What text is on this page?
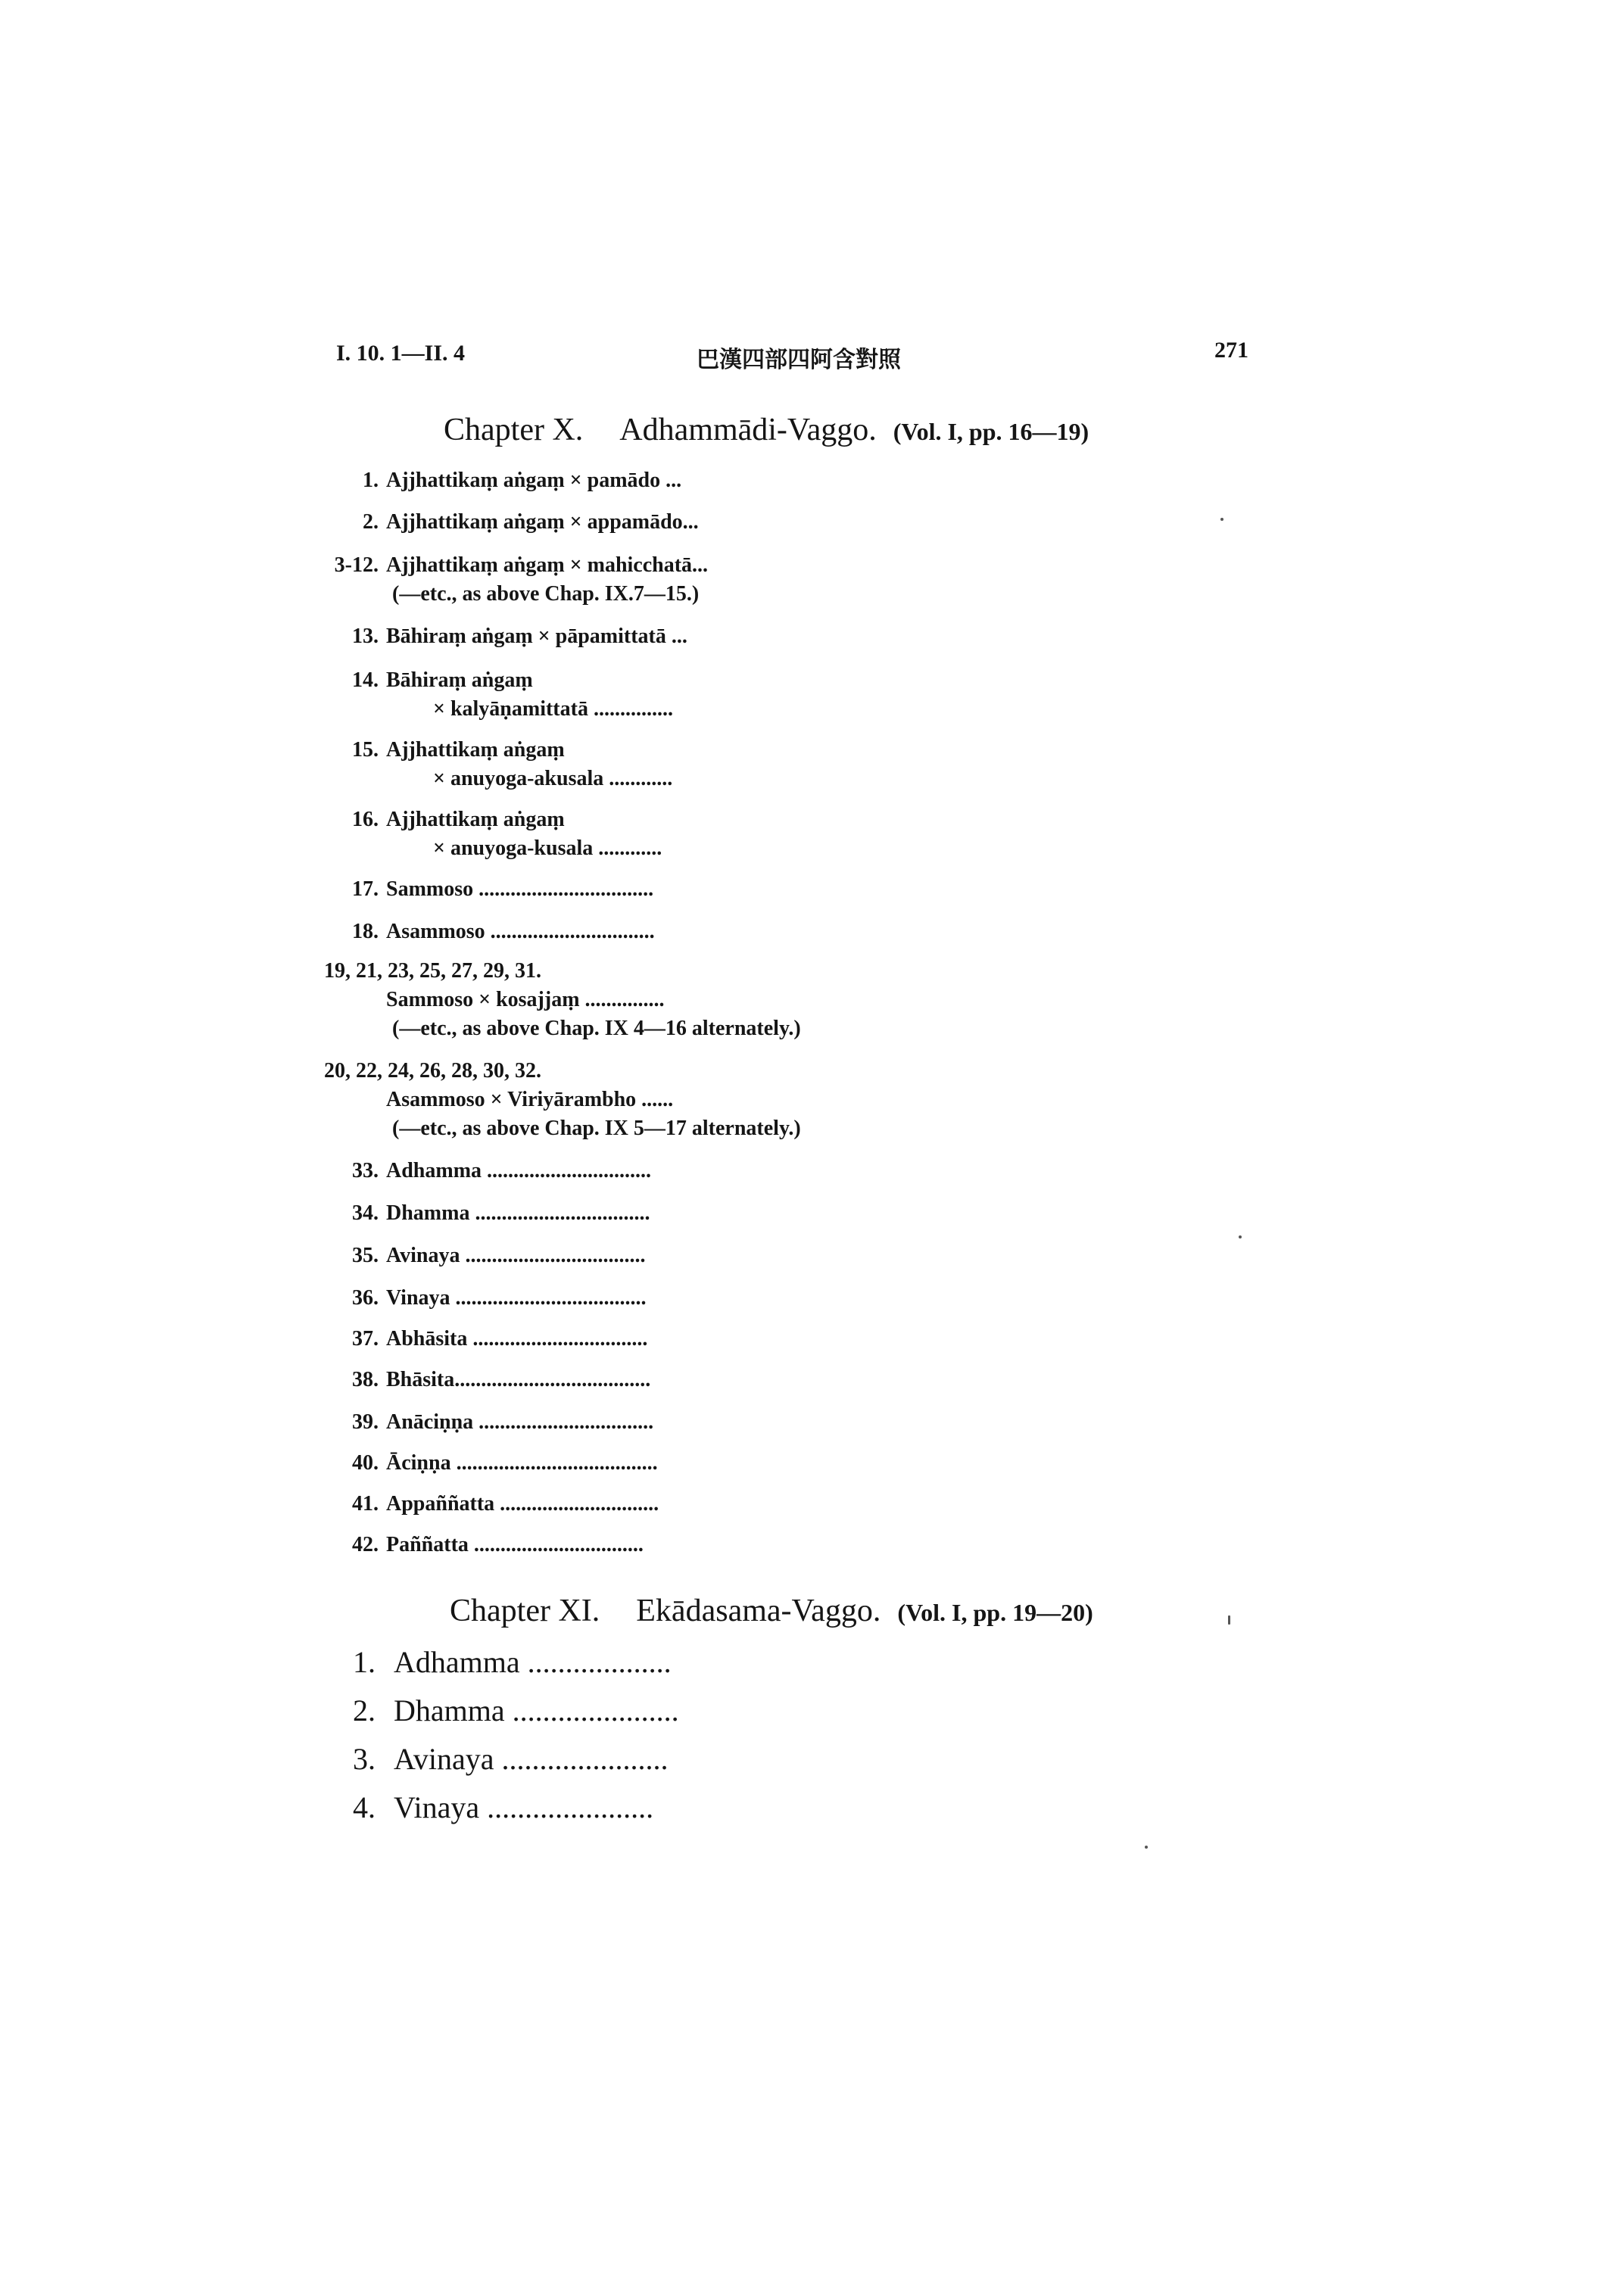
I. 10. 1—II. 4	巴漢四部四阿含對照	271
Chapter X. Adhammādi-Vaggo. (Vol. I, pp. 16—19)
1. Ajjhattikaṃ aṅgaṃ × pamādo ...
2. Ajjhattikaṃ aṅgaṃ × appamādo...
3-12. Ajjhattikaṃ aṅgaṃ × mahicchatā...
(—etc., as above Chap. IX.7—15.)
13. Bāhiraṃ aṅgaṃ × pāpamittatā ...
14. Bāhiraṃ aṅgaṃ
× kalyāṇamittatā ...............
15. Ajjhattikaṃ aṅgaṃ
× anuyoga-akusala ............
16. Ajjhattikaṃ aṅgaṃ
× anuyoga-kusala ............
17. Sammoso .................................
18. Asammoso ...............................
19, 21, 23, 25, 27, 29, 31.
Sammoso × kosajjaṃ ...............
(—etc., as above Chap. IX 4—16 alternately.)
20, 22, 24, 26, 28, 30, 32.
Asammoso × Viriyārambho ......
(—etc., as above Chap. IX 5—17 alternately.)
33. Adhamma ...............................
34. Dhamma .................................
35. Avinaya ..................................
36. Vinaya ....................................
37. Abhāsita .................................
38. Bhāsita.....................................
39. Anāciṇṇa .................................
40. Āciṇṇa ......................................
41. Appaññatta ..............................
42. Paññatta ................................
Chapter XI. Ekādasama-Vaggo. (Vol. I, pp. 19—20)
1. Adhamma ...................
2. Dhamma ......................
3. Avinaya ......................
4. Vinaya ......................
